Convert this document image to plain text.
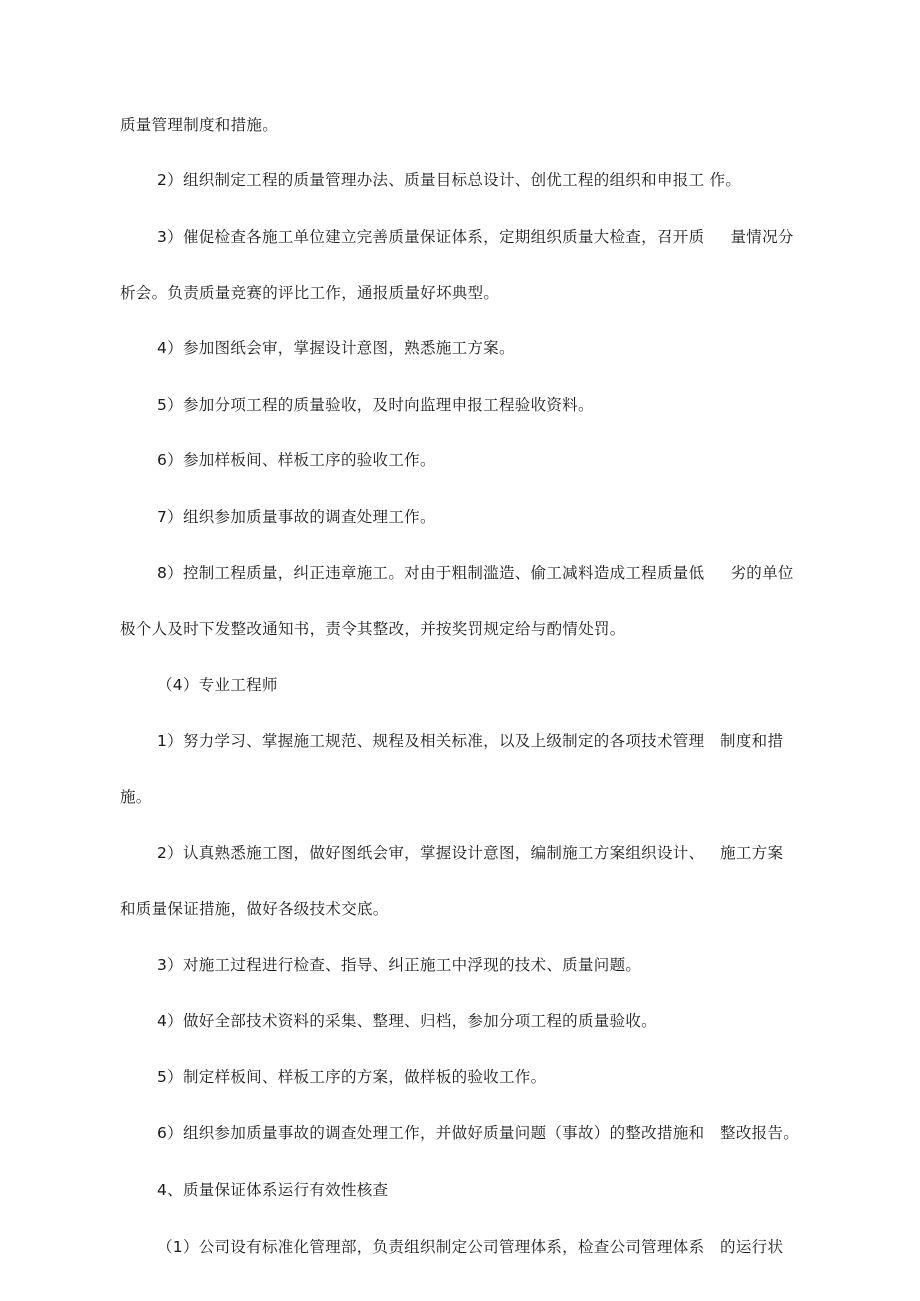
质量管理制度和措施。
2）组织制定工程的质量管理办法、质量目标总设计、创优工程的组织和申报工 作。
3）催促检查各施工单位建立完善质量保证体系，定期组织质量大检查，召开质     量情况分
析会。负责质量竞赛的评比工作，通报质量好坏典型。
4）参加图纸会审，掌握设计意图，熟悉施工方案。
5）参加分项工程的质量验收，及时向监理申报工程验收资料。
6）参加样板间、样板工序的验收工作。
7）组织参加质量事故的调查处理工作。
8）控制工程质量，纠正违章施工。对由于粗制滥造、偷工减料造成工程质量低     劣的单位
极个人及时下发整改通知书，责令其整改，并按奖罚规定给与酌情处罚。
（4）专业工程师
1）努力学习、掌握施工规范、规程及相关标准，以及上级制定的各项技术管理   制度和措
施。
2）认真熟悉施工图，做好图纸会审，掌握设计意图，编制施工方案组织设计、   施工方案
和质量保证措施，做好各级技术交底。
3）对施工过程进行检查、指导、纠正施工中浮现的技术、质量问题。
4）做好全部技术资料的采集、整理、归档，参加分项工程的质量验收。
5）制定样板间、样板工序的方案，做样板的验收工作。
6）组织参加质量事故的调查处理工作，并做好质量问题（事故）的整改措施和   整改报告。
4、质量保证体系运行有效性核查
（1）公司设有标准化管理部，负责组织制定公司管理体系，检查公司管理体系   的运行状
